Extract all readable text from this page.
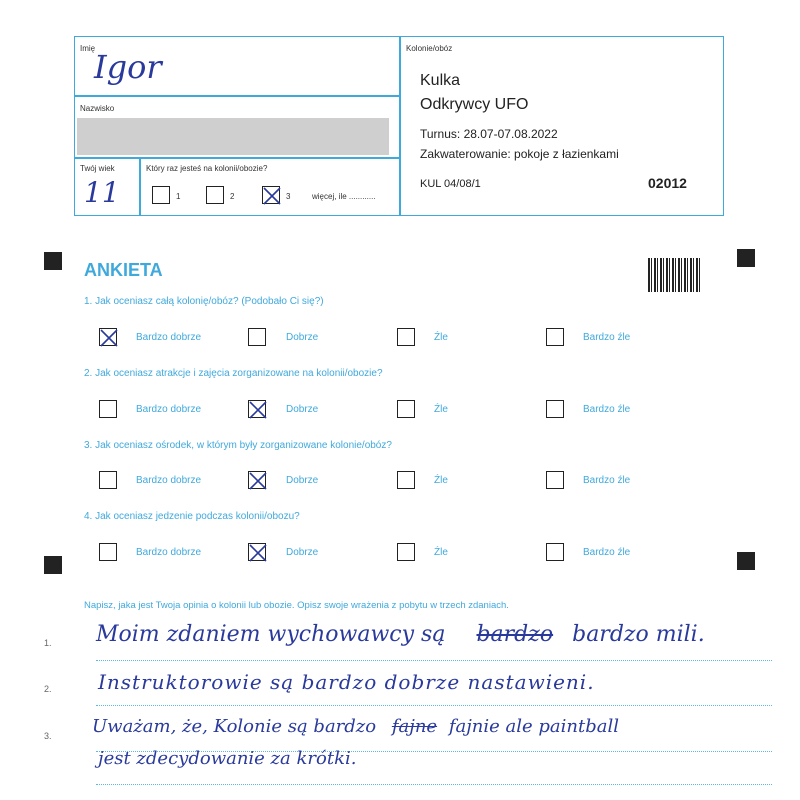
Imię
Igor
Nazwisko
Twój wiek
11
Który raz jesteś na kolonii/obozie?
1	2	3	więcej, ile ............
Kolonie/obóz
Kulka
Odkrywcy UFO
Turnus: 28.07-07.08.2022
Zakwaterowanie: pokoje z łazienkami
KUL 04/08/1	02012
ANKIETA
1. Jak oceniasz całą kolonię/obóz? (Podobało Ci się?)
Bardzo dobrze	Dobrze	Źle	Bardzo źle
2. Jak oceniasz atrakcje i zajęcia zorganizowane na kolonii/obozie?
Bardzo dobrze	Dobrze	Źle	Bardzo źle
3. Jak oceniasz ośrodek, w którym były zorganizowane kolonie/obóz?
Bardzo dobrze	Dobrze	Źle	Bardzo źle
4. Jak oceniasz jedzenie podczas kolonii/obozu?
Bardzo dobrze	Dobrze	Źle	Bardzo źle
Napisz, jaka jest Twoja opinia o kolonii lub obozie. Opisz swoje wrażenia z pobytu w trzech zdaniach.
1.
2.
3.
Moim zdaniem wychowawcy są bardzo bardzo mili.
Instruktorowie są bardzo dobrze nastawieni.
Uważam, że, Kolonie są bardzo fajne fajnie ale paintball
jest zdecydowanie za krótki.
